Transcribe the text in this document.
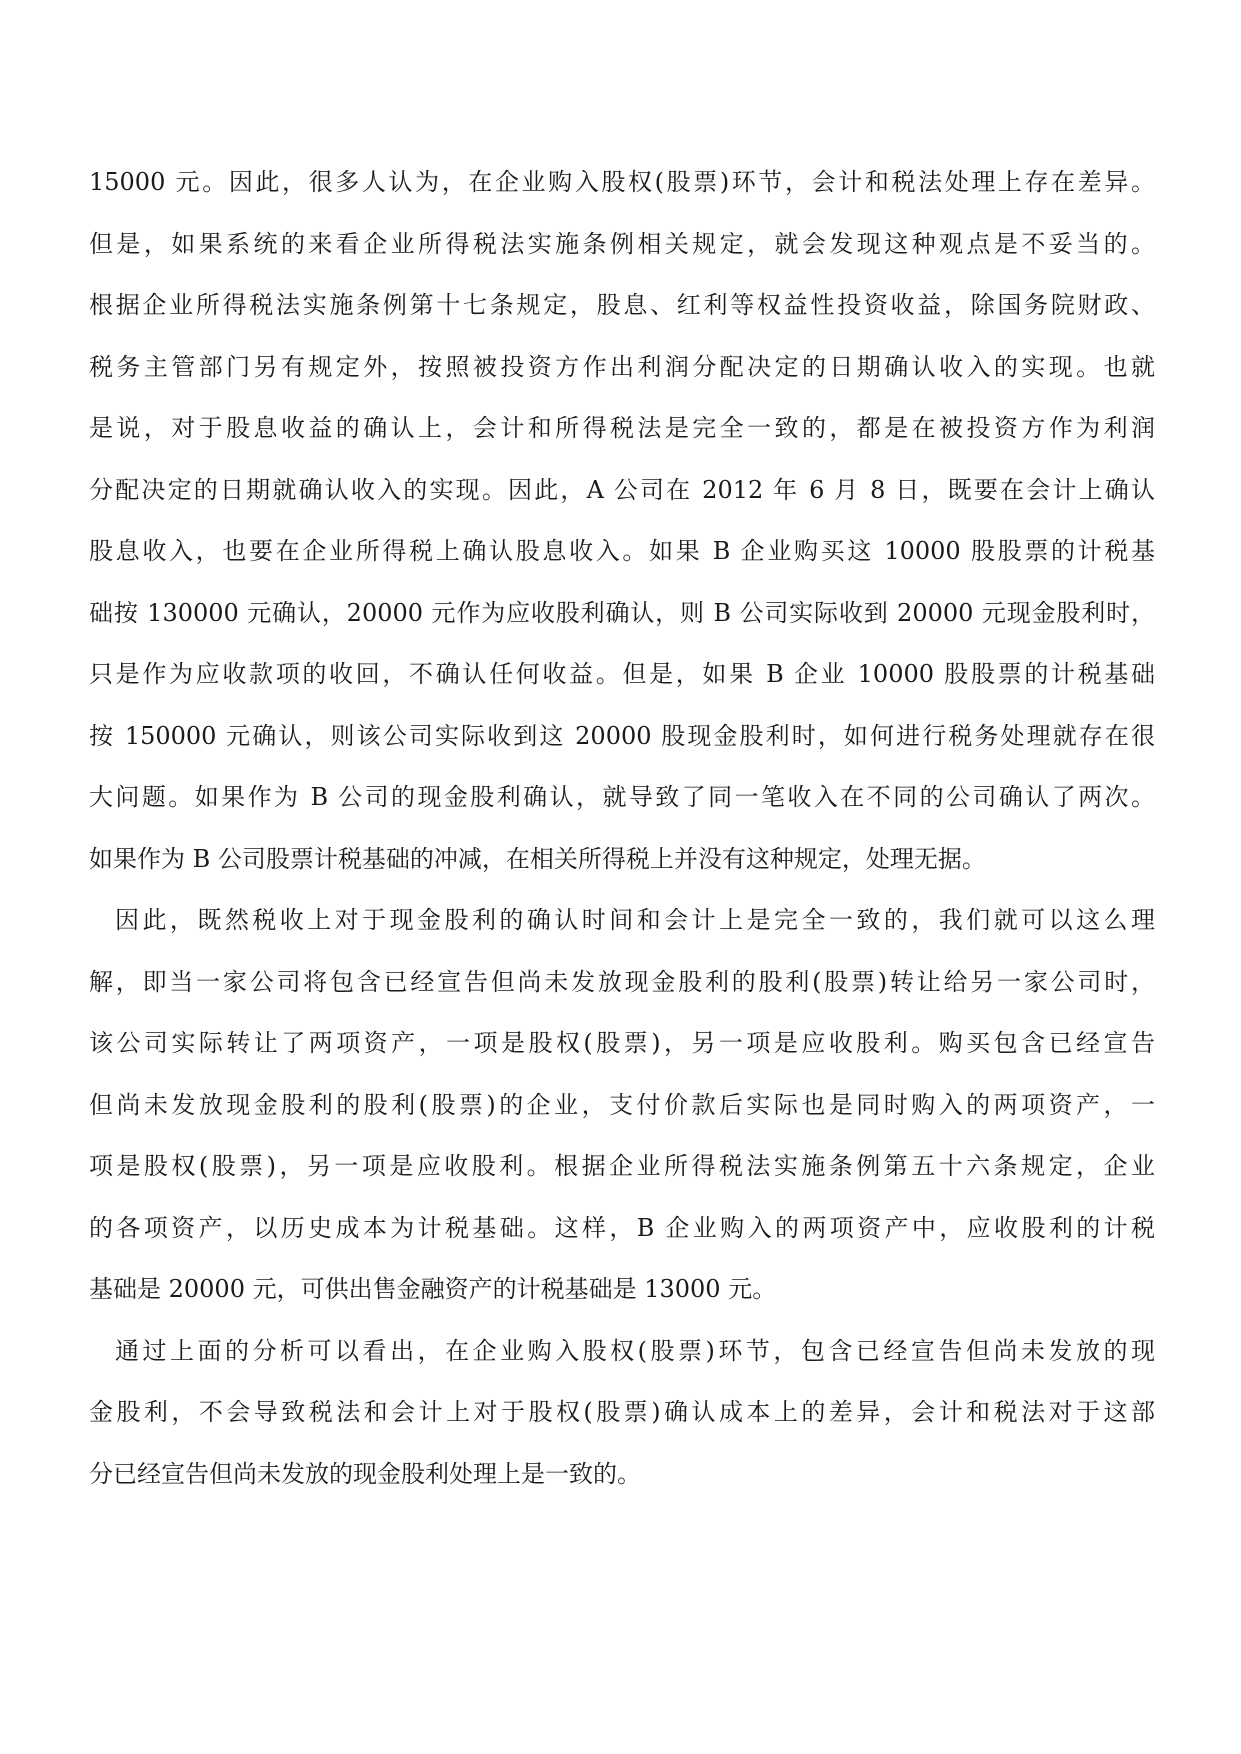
15000 元。因此，很多人认为，在企业购入股权(股票)环节，会计和税法处理上存在差异。
但是，如果系统的来看企业所得税法实施条例相关规定，就会发现这种观点是不妥当的。
根据企业所得税法实施条例第十七条规定，股息、红利等权益性投资收益，除国务院财政、
税务主管部门另有规定外，按照被投资方作出利润分配决定的日期确认收入的实现。也就
是说，对于股息收益的确认上，会计和所得税法是完全一致的，都是在被投资方作为利润
分配决定的日期就确认收入的实现。因此，A 公司在 2012 年 6 月 8 日，既要在会计上确认
股息收入，也要在企业所得税上确认股息收入。如果 B 企业购买这 10000 股股票的计税基
础按 130000 元确认，20000 元作为应收股利确认，则 B 公司实际收到 20000 元现金股利时，
只是作为应收款项的收回，不确认任何收益。但是，如果 B 企业 10000 股股票的计税基础
按 150000 元确认，则该公司实际收到这 20000 股现金股利时，如何进行税务处理就存在很
大问题。如果作为 B 公司的现金股利确认，就导致了同一笔收入在不同的公司确认了两次。
如果作为 B 公司股票计税基础的冲减，在相关所得税上并没有这种规定，处理无据。
因此，既然税收上对于现金股利的确认时间和会计上是完全一致的，我们就可以这么理
解，即当一家公司将包含已经宣告但尚未发放现金股利的股利(股票)转让给另一家公司时，
该公司实际转让了两项资产，一项是股权(股票)，另一项是应收股利。购买包含已经宣告
但尚未发放现金股利的股利(股票)的企业，支付价款后实际也是同时购入的两项资产，一
项是股权(股票)，另一项是应收股利。根据企业所得税法实施条例第五十六条规定，企业
的各项资产，以历史成本为计税基础。这样，B 企业购入的两项资产中，应收股利的计税
基础是 20000 元，可供出售金融资产的计税基础是 13000 元。
通过上面的分析可以看出，在企业购入股权(股票)环节，包含已经宣告但尚未发放的现
金股利，不会导致税法和会计上对于股权(股票)确认成本上的差异，会计和税法对于这部
分已经宣告但尚未发放的现金股利处理上是一致的。
